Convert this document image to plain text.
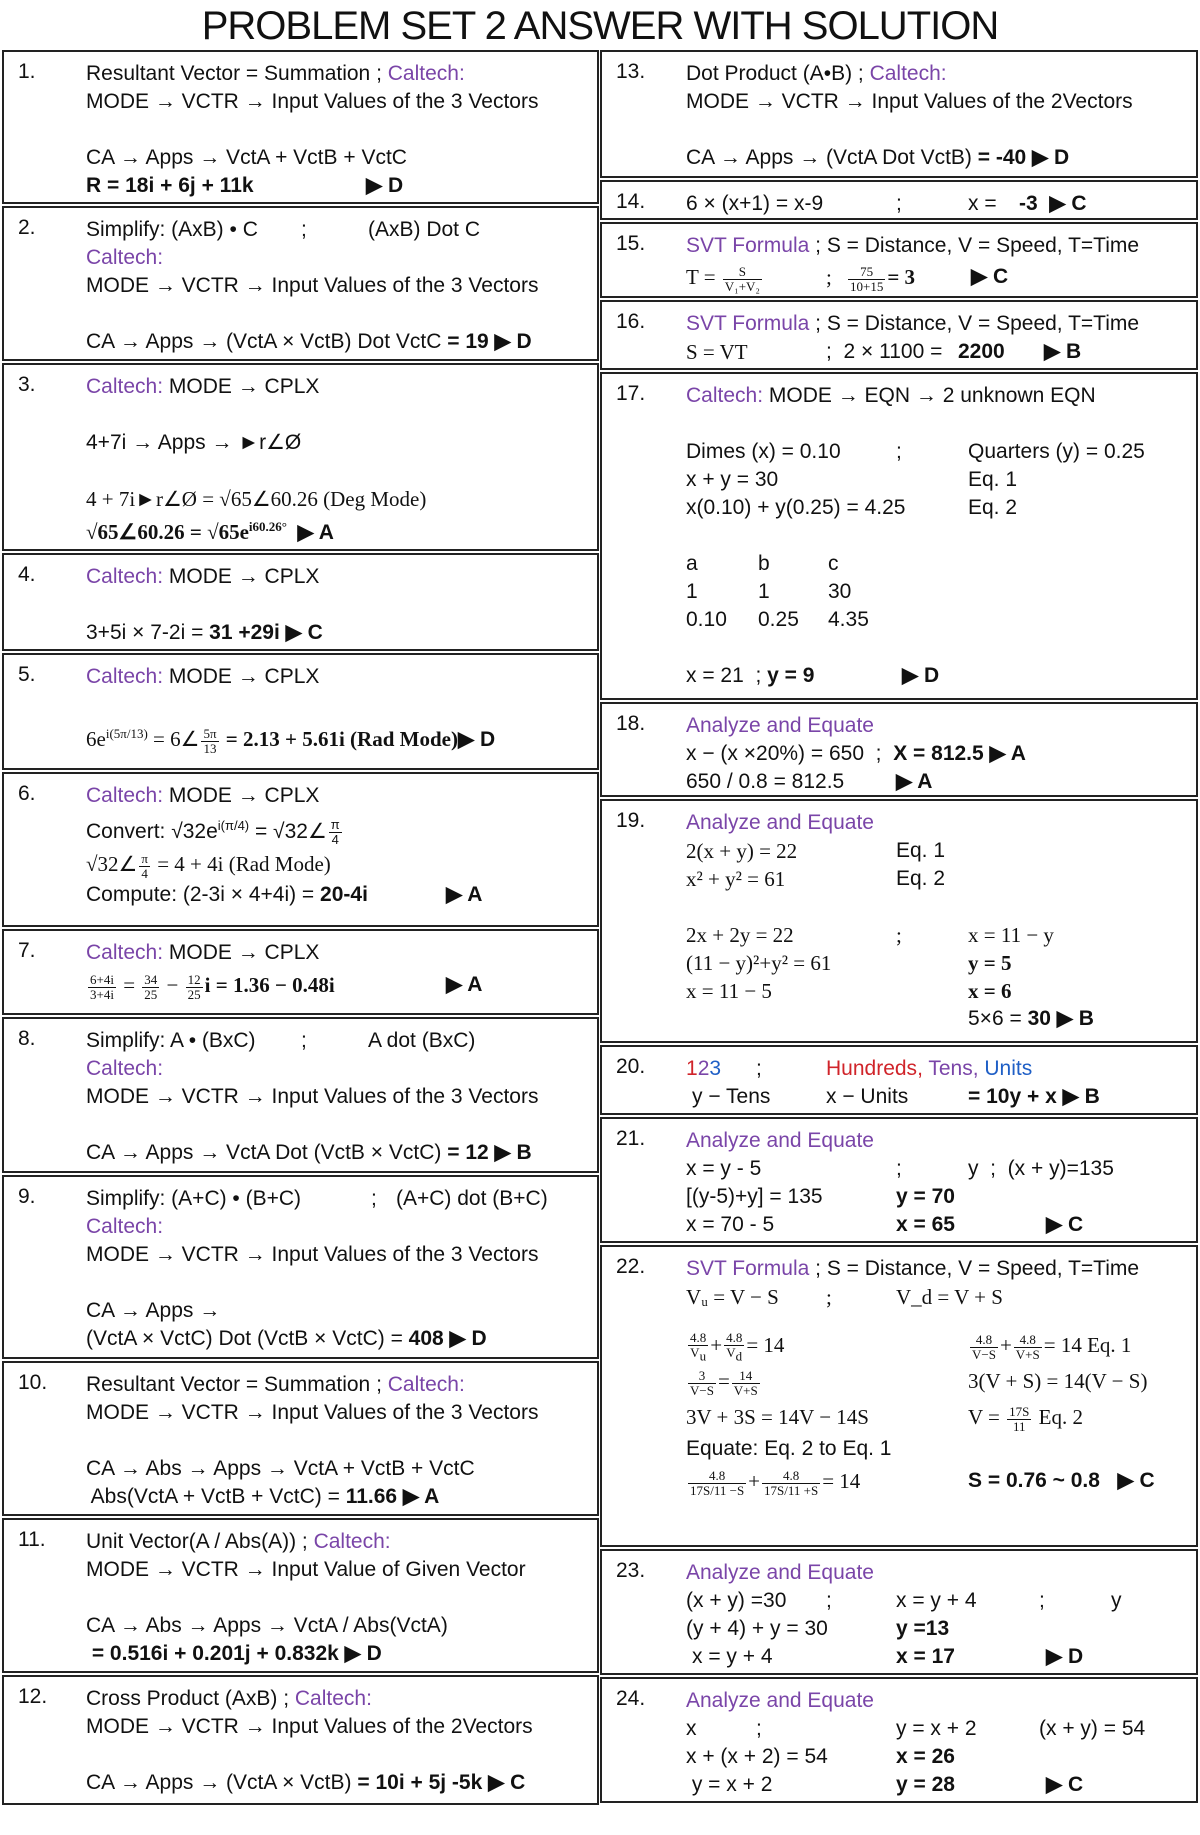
PROBLEM SET 2 ANSWER WITH SOLUTION
1. Resultant Vector = Summation ; Caltech:
MODE → VCTR → Input Values of the 3 Vectors
CA → Apps → VctA + VctB + VctC
R = 18i + 6j + 11k	▶ D
2. Simplify: (AxB) • C ;	(AxB) Dot C
Caltech:
MODE → VCTR → Input Values of the 3 Vectors
CA → Apps → (VctA × VctB) Dot VctC = 19 ▶ D
3. Caltech: MODE → CPLX
4+7i → Apps → ►r∠Ø
4 + 7i►r∠Ø = √65∠60.26 (Deg Mode)
√65∠60.26 = $√65e^{i60.26^\circ}$ ▶ A
4. Caltech: MODE → CPLX
3+5i × 7-2i = 31 +29i ▶ C
5. Caltech: MODE → CPLX
$6e^{i(5\pi/13)}$ = 6∠ $\frac{5\pi}{13} = 2.13 + 5.61i$ (Rad Mode)▶ D
6. Caltech: MODE → CPLX
Convert: $√32e^{i(\pi/4)}$ = √32∠ $\frac{\pi}{4}$
√32∠ $\frac{\pi}{4} = 4 + 4i$ (Rad Mode)
Compute: (2-3i × 4+4i) = 20-4i	▶ A
7. Caltech: MODE → CPLX
$\frac{6+4i}{3+4i} = \frac{34}{25} - \frac{12}{25}$ i = 1.36 − 0.48i	▶ A
8. Simplify: A • (BxC) ;	A dot (BxC)
Caltech:
MODE → VCTR → Input Values of the 3 Vectors
CA → Apps → VctA Dot (VctB × VctC) = 12 ▶ B
9. Simplify: (A+C) • (B+C)	; (A+C) dot (B+C)
Caltech:
MODE → VCTR → Input Values of the 3 Vectors
CA → Apps →
(VctA × VctC) Dot (VctB × VctC) = 408 ▶ D
10. Resultant Vector = Summation ; Caltech:
MODE → VCTR → Input Values of the 3 Vectors
CA → Abs → Apps → VctA + VctB + VctC
Abs(VctA + VctB + VctC) = 11.66 ▶ A
11. Unit Vector(A / Abs(A)) ; Caltech:
MODE → VCTR → Input Value of Given Vector
CA → Abs → Apps → VctA / Abs(VctA)
= 0.516i + 0.201j + 0.832k ▶ D
12. Cross Product (AxB) ; Caltech:
MODE → VCTR → Input Values of the 2Vectors
CA → Apps → (VctA × VctB) = 10i + 5j -5k ▶ C
13. Dot Product (A•B) ; Caltech:
MODE → VCTR → Input Values of the 2Vectors
CA → Apps → (VctA Dot VctB) = -40 ▶ D
14. 6 × (x+1) = x-9	;	x = -3  ▶ C
15. SVT Formula ; S = Distance, V = Speed, T=Time
$T = \frac{S}{\text{V₁+V₂}}$	; $\frac{75}{10+15} = 3$	▶ C
16. SVT Formula ; S = Distance, V = Speed, T=Time
S = VT	;  2 × 1100 = 2200 ▶ B
17. Caltech: MODE → EQN → 2 unknown EQN
Dimes (x) = 0.10	;	Quarters (y) = 0.25
x + y = 30	Eq. 1
x(0.10) + y(0.25) = 4.25	Eq. 2
a	b	c

1	1	30

0.10 0.25 4.35

x = 21  ; y = 9	▶ D
18. Analyze and Equate
x − (x ×20%) = 650  ;  X = 812.5 ▶ A
650 / 0.8 = 812.5 ▶ A
19. Analyze and Equate
2(x + y) = 22	Eq. 1
x² + y² = 61	Eq. 2
2x + 2y = 22	;	x = 11 − y
(11 − y)²+y² = 61	y = 5
x = 11 − 5	x = 6
5×6 = 30 ▶ B

20. 123 ;	Hundreds, Tens, Units
y − Tens	x − Units	= 10y + x ▶ B
21. Analyze and Equate
x = y - 5	;	y  ;  (x + y)=135
[(y-5)+y] = 135	y = 70
x = 70 - 5	x = 65	▶ C
22. SVT Formula ; S = Distance, V = Speed, T=Time
Vᵤ = V − S ;	V_d = V + S
$\frac{4.8}{V_u} + \frac{4.8}{V_d} = 14$	$\frac{4.8}{V-S} + \frac{4.8}{V+S} = 14$ Eq. 1
$\frac{3}{V-S} = \frac{14}{V+S}$	3(V + S) = 14(V − S)
3V + 3S = 14V − 14S	$V = \frac{17S}{11} Eq$. 2
Equate: Eq. 2 to Eq. 1
$\frac{4.8}{17S/11 -S} + \frac{4.8}{17S/11 +S} = 14$	S = 0.76 ~ 0.8 ▶ C
23. Analyze and Equate
(x + y) =30 ;	x = y + 4	;	y
(y + 4) + y = 30	y =13
x = y + 4	x = 17	▶ D
24. Analyze and Equate
x	;	y = x + 2	(x + y) = 54
x + (x + 2) = 54	x = 26
y = x + 2	y = 28	▶ C
